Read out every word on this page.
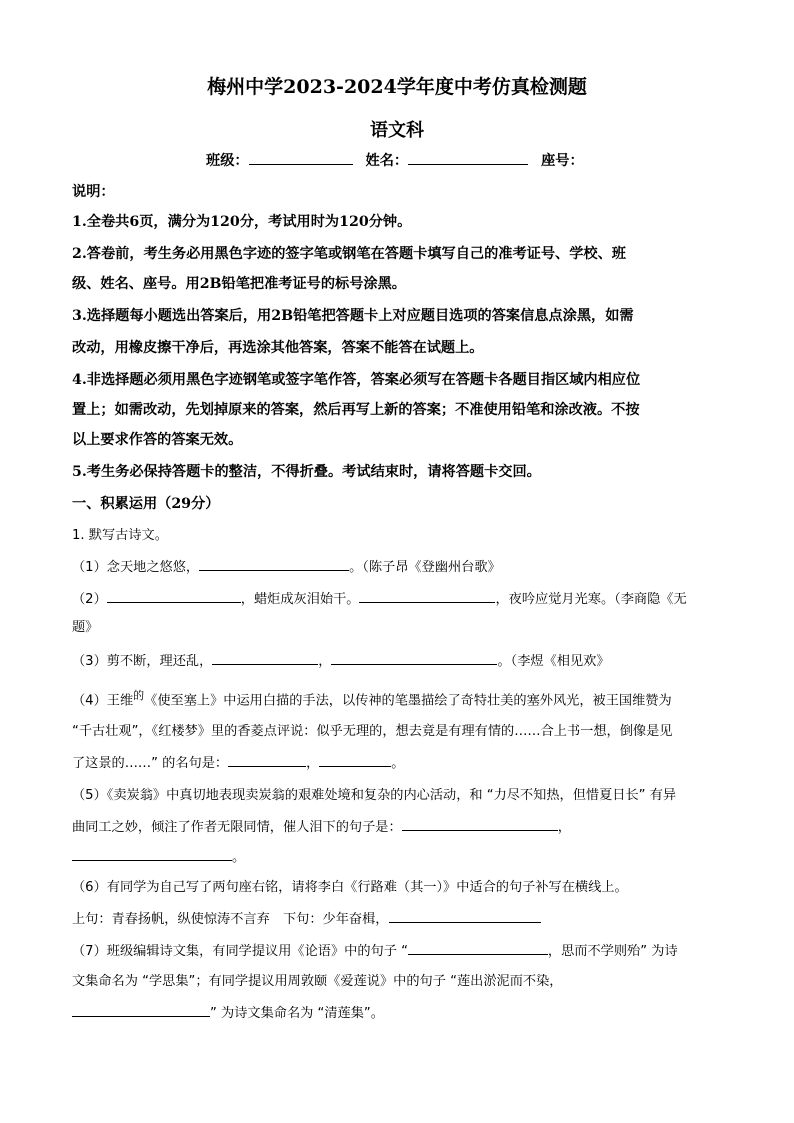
梅州中学2023-2024学年度中考仿真检测题
语文科
班级：	姓名：	座号：
说明：
1.全卷共6页，满分为120分，考试用时为120分钟。
2.答卷前，考生务必用黑色字迹的签字笔或钢笔在答题卡填写自己的准考证号、学校、班
级、姓名、座号。用2B铅笔把准考证号的标号涂黑。
3.选择题每小题选出答案后，用2B铅笔把答题卡上对应题目选项的答案信息点涂黑，如需
改动，用橡皮擦干净后，再选涂其他答案，答案不能答在试题上。
4.非选择题必须用黑色字迹钢笔或签字笔作答，答案必须写在答题卡各题目指区域内相应位
置上；如需改动，先划掉原来的答案，然后再写上新的答案；不准使用铅笔和涂改液。不按
以上要求作答的答案无效。
5.考生务必保持答题卡的整洁，不得折叠。考试结束时，请将答题卡交回。
一、积累运用（29分）
1. 默写古诗文。
（1）念天地之悠悠，	。（陈子昂《登幽州台歌》
（2）	，蜡炬成灰泪始干。	，夜吟应觉月光寒。（李商隐《无
题》
（3）剪不断，理还乱，	，	。（李煜《相见欢》
（4）王维$^的$《使至塞上》中运用白描的手法，以传神的笔墨描绘了奇特壮美的塞外风光，被王国维赞为
“千古壮观”，《红楼梦》里的香菱点评说：似乎无理的，想去竟是有理有情的……合上书一想，倒像是见
了这景的……” 的名句是：	，	。
（5）《卖炭翁》中真切地表现卖炭翁的艰难处境和复杂的内心活动，和 “力尽不知热，但惜夏日长” 有异
曲同工之妙，倾注了作者无限同情，催人泪下的句子是：	，
。
（6）有同学为自己写了两句座右铭，请将李白《行路难（其一）》中适合的句子补写在横线上。
上句：青春扬帆，纵使惊涛不言弃　下句：少年奋楫，
（7）班级编辑诗文集，有同学提议用《论语》中的句子 “	，思而不学则殆” 为诗
文集命名为 “学思集”；有同学提议用周敦颐《爱莲说》中的句子 “莲出淤泥而不染，
” 为诗文集命名为 “清莲集”。
